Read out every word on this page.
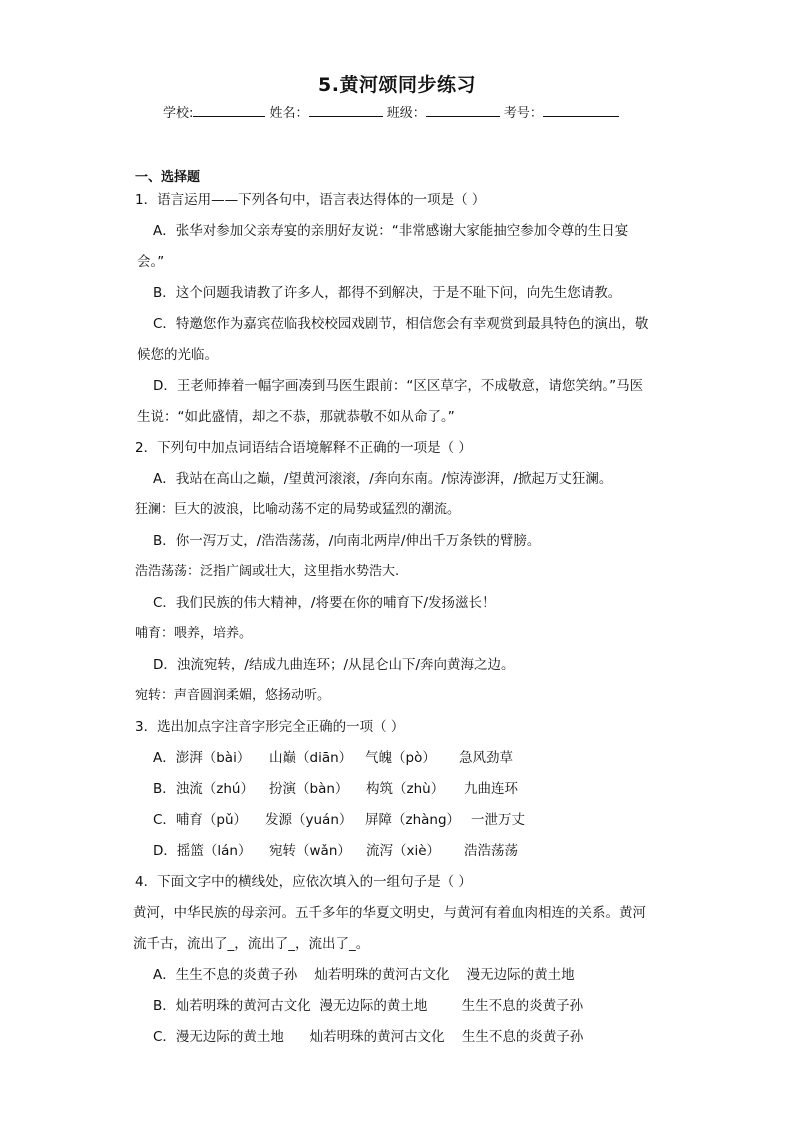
5.黄河颂同步练习
学校:	姓名：	班级：	考号：
一、选择题
1．语言运用——下列各句中，语言表达得体的一项是（ ）
A．张华对参加父亲寿宴的亲朋好友说：“非常感谢大家能抽空参加令尊的生日宴
会。”
B．这个问题我请教了许多人，都得不到解决，于是不耻下问，向先生您请教。
C．特邀您作为嘉宾莅临我校校园戏剧节，相信您会有幸观赏到最具特色的演出，敬
候您的光临。
D．王老师捧着一幅字画凑到马医生跟前：“区区草字，不成敬意，请您笑纳。”马医
生说：“如此盛情，却之不恭，那就恭敬不如从命了。”
2．下列句中加点词语结合语境解释不正确的一项是（ ）
A．我站在高山之巅，/望黄河滚滚，/奔向东南。/惊涛澎湃，/掀起万丈狂澜。
狂澜：巨大的波浪，比喻动荡不定的局势或猛烈的潮流。
B．你一泻万丈，/浩浩荡荡，/向南北两岸/伸出千万条铁的臂膀。
浩浩荡荡：泛指广阔或壮大，这里指水势浩大.
C．我们民族的伟大精神，/将要在你的哺育下/发扬滋长！
哺育：喂养，培养。
D．浊流宛转，/结成九曲连环；/从昆仑山下/奔向黄海之边。
宛转：声音圆润柔媚，悠扬动听。
3．选出加点字注音字形完全正确的一项（ ）
A．澎湃（bài） 山巅（diān） 气魄（pò） 急风劲草
B．浊流（zhú） 扮演（bàn） 构筑（zhù） 九曲连环
C．哺育（pǔ） 发源（yuán） 屏障（zhàng） 一泄万丈
D．摇篮（lán） 宛转（wǎn） 流泻（xiè） 浩浩荡荡
4．下面文字中的横线处，应依次填入的一组句子是（ ）
黄河，中华民族的母亲河。五千多年的华夏文明史，与黄河有着血肉相连的关系。黄河
流千古，流出了_，流出了_，流出了_。
A．生生不息的炎黄子孙    灿若明珠的黄河古文化    漫无边际的黄土地
B．灿若明珠的黄河古文化  漫无边际的黄土地        生生不息的炎黄子孙
C．漫无边际的黄土地      灿若明珠的黄河古文化    生生不息的炎黄子孙
